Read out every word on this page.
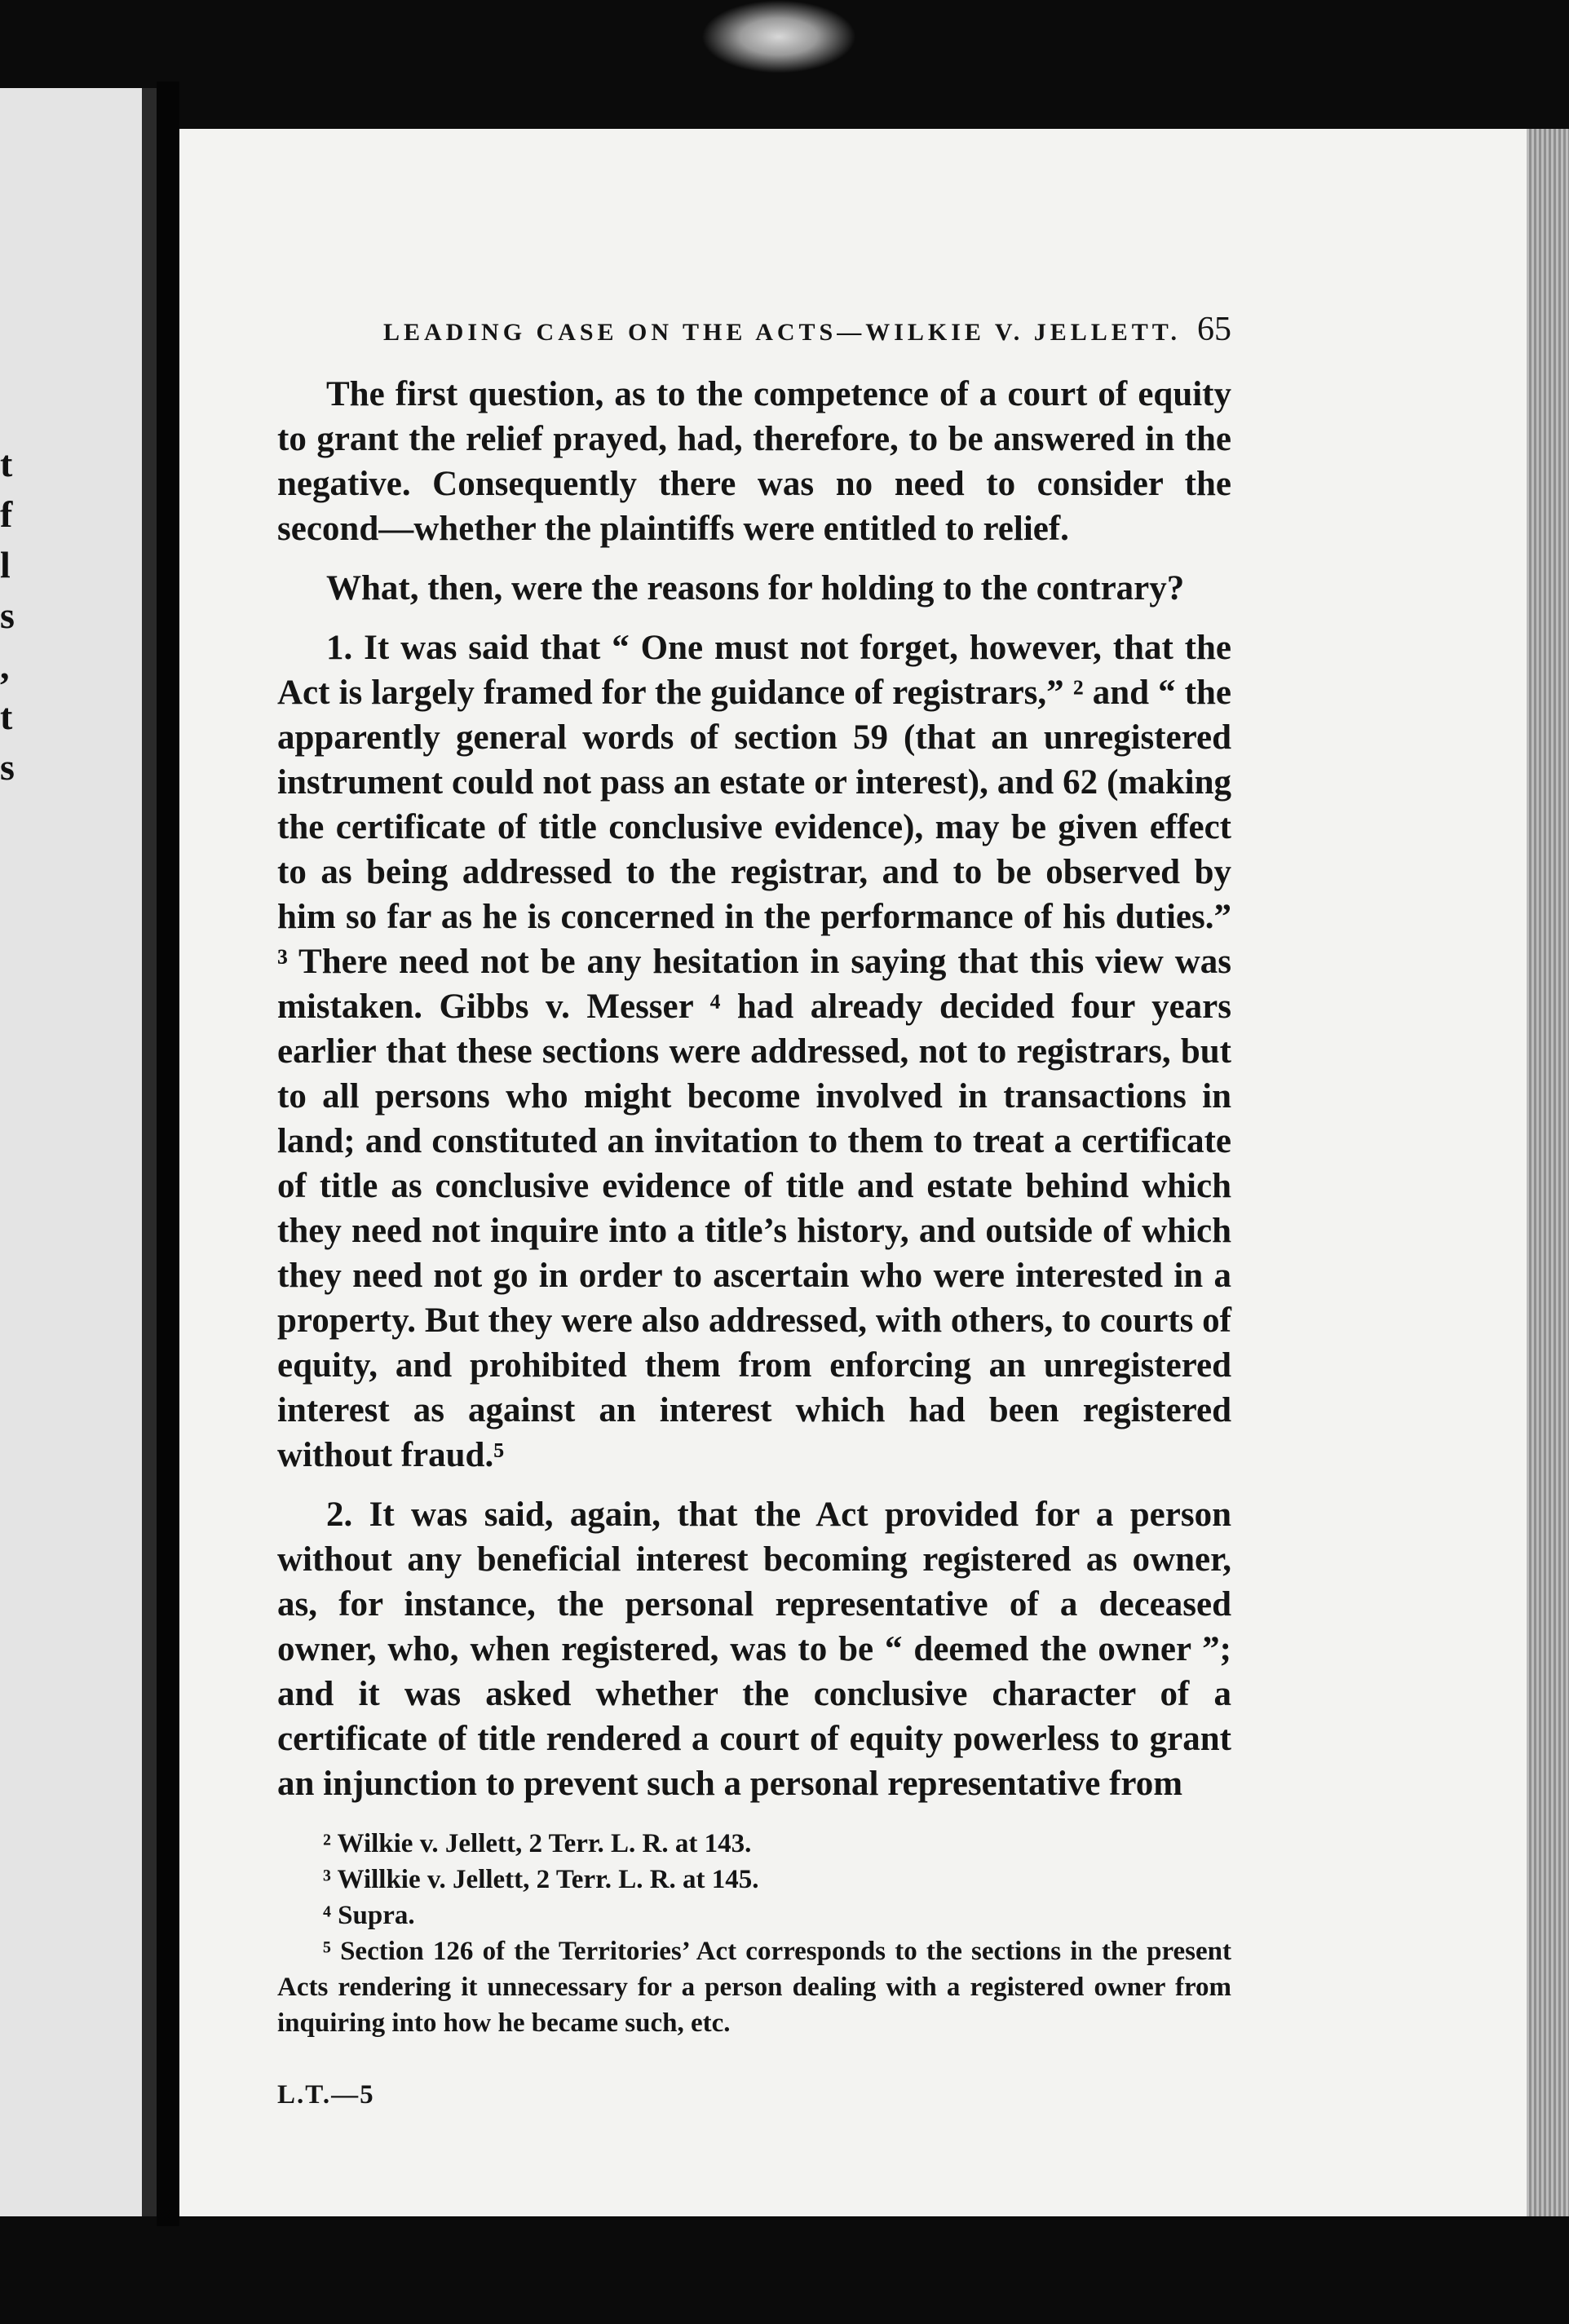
t
f
l
s
,
t
s
LEADING CASE ON THE ACTS—WILKIE V. JELLETT. 65

The first question, as to the competence of a court of equity to grant the relief prayed, had, therefore, to be answered in the negative. Consequently there was no need to consider the second—whether the plaintiffs were entitled to relief.

What, then, were the reasons for holding to the contrary?

1. It was said that “ One must not forget, however, that the Act is largely framed for the guidance of registrars,” ² and “ the apparently general words of section 59 (that an unregistered instrument could not pass an estate or interest), and 62 (making the certificate of title conclusive evidence), may be given effect to as being addressed to the registrar, and to be observed by him so far as he is concerned in the performance of his duties.” ³ There need not be any hesitation in saying that this view was mistaken. Gibbs v. Messer ⁴ had already decided four years earlier that these sections were addressed, not to registrars, but to all persons who might become involved in transactions in land; and constituted an invitation to them to treat a certificate of title as conclusive evidence of title and estate behind which they need not inquire into a title’s history, and outside of which they need not go in order to ascertain who were interested in a property. But they were also addressed, with others, to courts of equity, and prohibited them from enforcing an unregistered interest as against an interest which had been registered without fraud.⁵

2. It was said, again, that the Act provided for a person without any beneficial interest becoming registered as owner, as, for instance, the personal representative of a deceased owner, who, when registered, was to be “ deemed the owner ”; and it was asked whether the conclusive character of a certificate of title rendered a court of equity powerless to grant an injunction to prevent such a personal representative from

² Wilkie v. Jellett, 2 Terr. L. R. at 143.
³ Willkie v. Jellett, 2 Terr. L. R. at 145.
⁴ Supra.
⁵ Section 126 of the Territories’ Act corresponds to the sections in the present Acts rendering it unnecessary for a person dealing with a registered owner from inquiring into how he became such, etc.
L.T.—5
